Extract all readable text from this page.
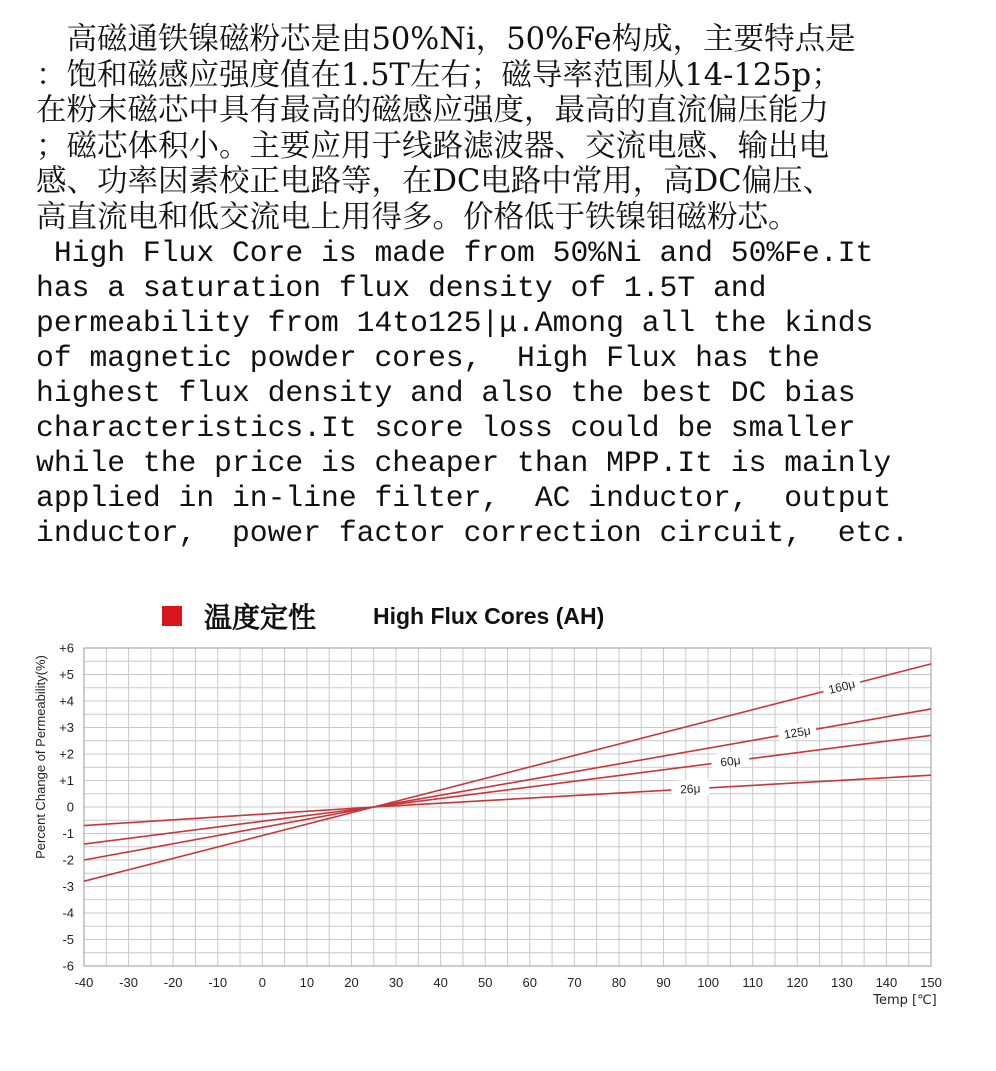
　高磁通铁镍磁粉芯是由50%Ni，50%Fe构成，主要特点是
：饱和磁感应强度值在1.5T左右；磁导率范围从14-125p；
在粉末磁芯中具有最高的磁感应强度，最高的直流偏压能力
；磁芯体积小。主要应用于线路滤波器、交流电感、输出电
感、功率因素校正电路等，在DC电路中常用，高DC偏压、
高直流电和低交流电上用得多。价格低于铁镍钼磁粉芯。
High Flux Core is made from 50%Ni and 50%Fe.It
has a saturation flux density of 1.5T and
permeability from 14to125|μ.Among all the kinds
of magnetic powder cores,  High Flux has the
highest flux density and also the best DC bias
characteristics.It score loss could be smaller
while the price is cheaper than MPP.It is mainly
applied in in-line filter,  AC inductor,  output
inductor,  power factor correction circuit,  etc.
160μ
125μ
60μ
26μ
-40 -30 -20 -10 0	10 20 30 40 50 60 70 80 90 100 110 120 130 140 150
-6
-5
-4
-3
-2
-1
0
+1
+2
+3
+4
+5
+6
温度定性 High Flux Cores (AH)
Percent Change of Permeability(%)
Temp [℃]
